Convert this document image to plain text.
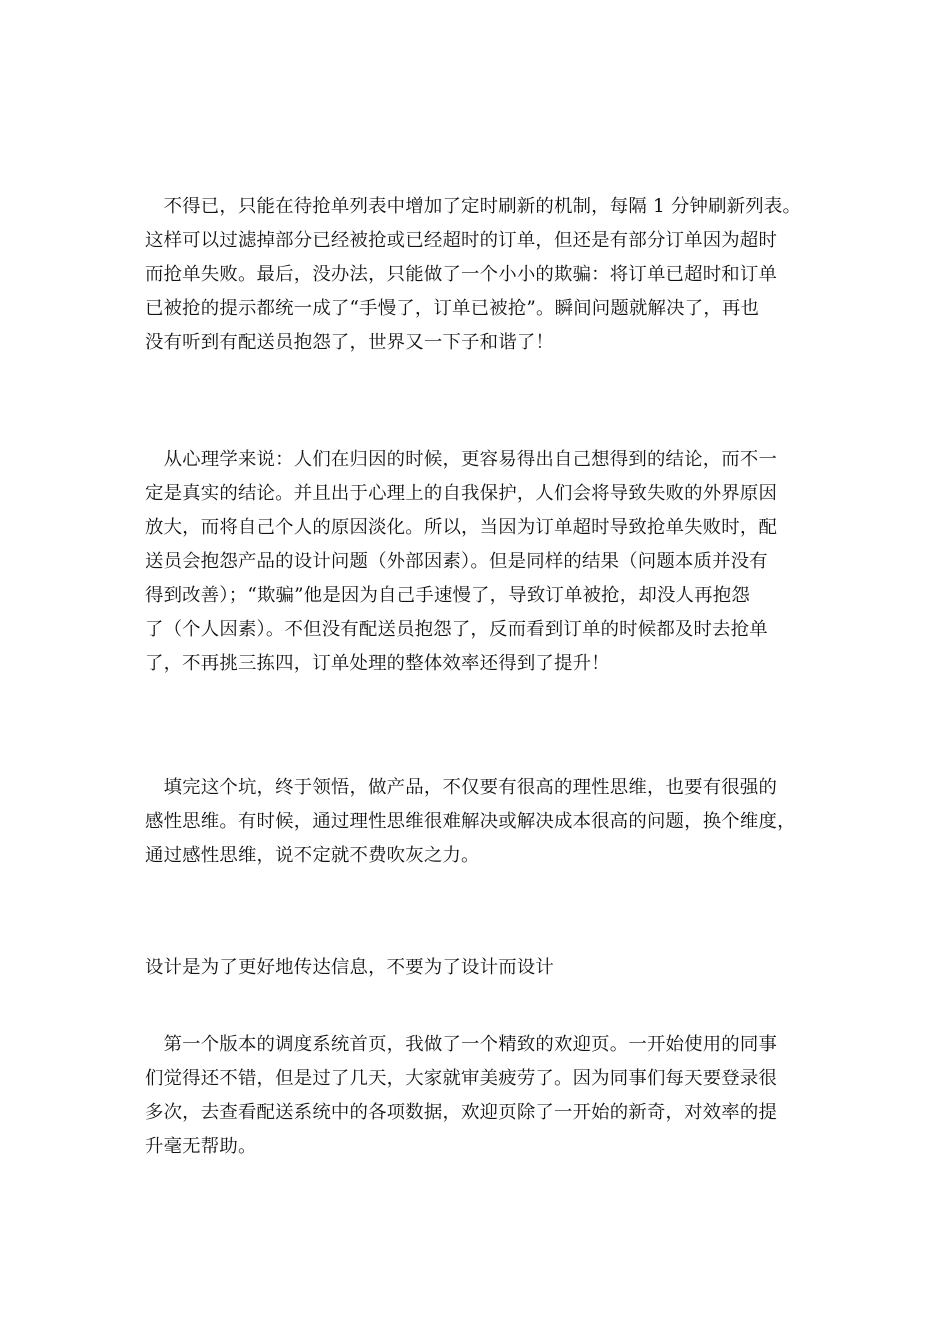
　不得已，只能在待抢单列表中增加了定时刷新的机制，每隔 1 分钟刷新列表。
这样可以过滤掉部分已经被抢或已经超时的订单，但还是有部分订单因为超时
而抢单失败。最后，没办法，只能做了一个小小的欺骗：将订单已超时和订单
已被抢的提示都统一成了“手慢了，订单已被抢”。瞬间问题就解决了，再也
没有听到有配送员抱怨了，世界又一下子和谐了！

　从心理学来说：人们在归因的时候，更容易得出自己想得到的结论，而不一
定是真实的结论。并且出于心理上的自我保护，人们会将导致失败的外界原因
放大，而将自己个人的原因淡化。所以，当因为订单超时导致抢单失败时，配
送员会抱怨产品的设计问题（外部因素）。但是同样的结果（问题本质并没有
得到改善）；“欺骗”他是因为自己手速慢了，导致订单被抢，却没人再抱怨
了（个人因素）。不但没有配送员抱怨了，反而看到订单的时候都及时去抢单
了，不再挑三拣四，订单处理的整体效率还得到了提升！

　填完这个坑，终于领悟，做产品，不仅要有很高的理性思维，也要有很强的
感性思维。有时候，通过理性思维很难解决或解决成本很高的问题，换个维度，
通过感性思维，说不定就不费吹灰之力。

设计是为了更好地传达信息，不要为了设计而设计

　第一个版本的调度系统首页，我做了一个精致的欢迎页。一开始使用的同事
们觉得还不错，但是过了几天，大家就审美疲劳了。因为同事们每天要登录很
多次，去查看配送系统中的各项数据，欢迎页除了一开始的新奇，对效率的提
升毫无帮助。
